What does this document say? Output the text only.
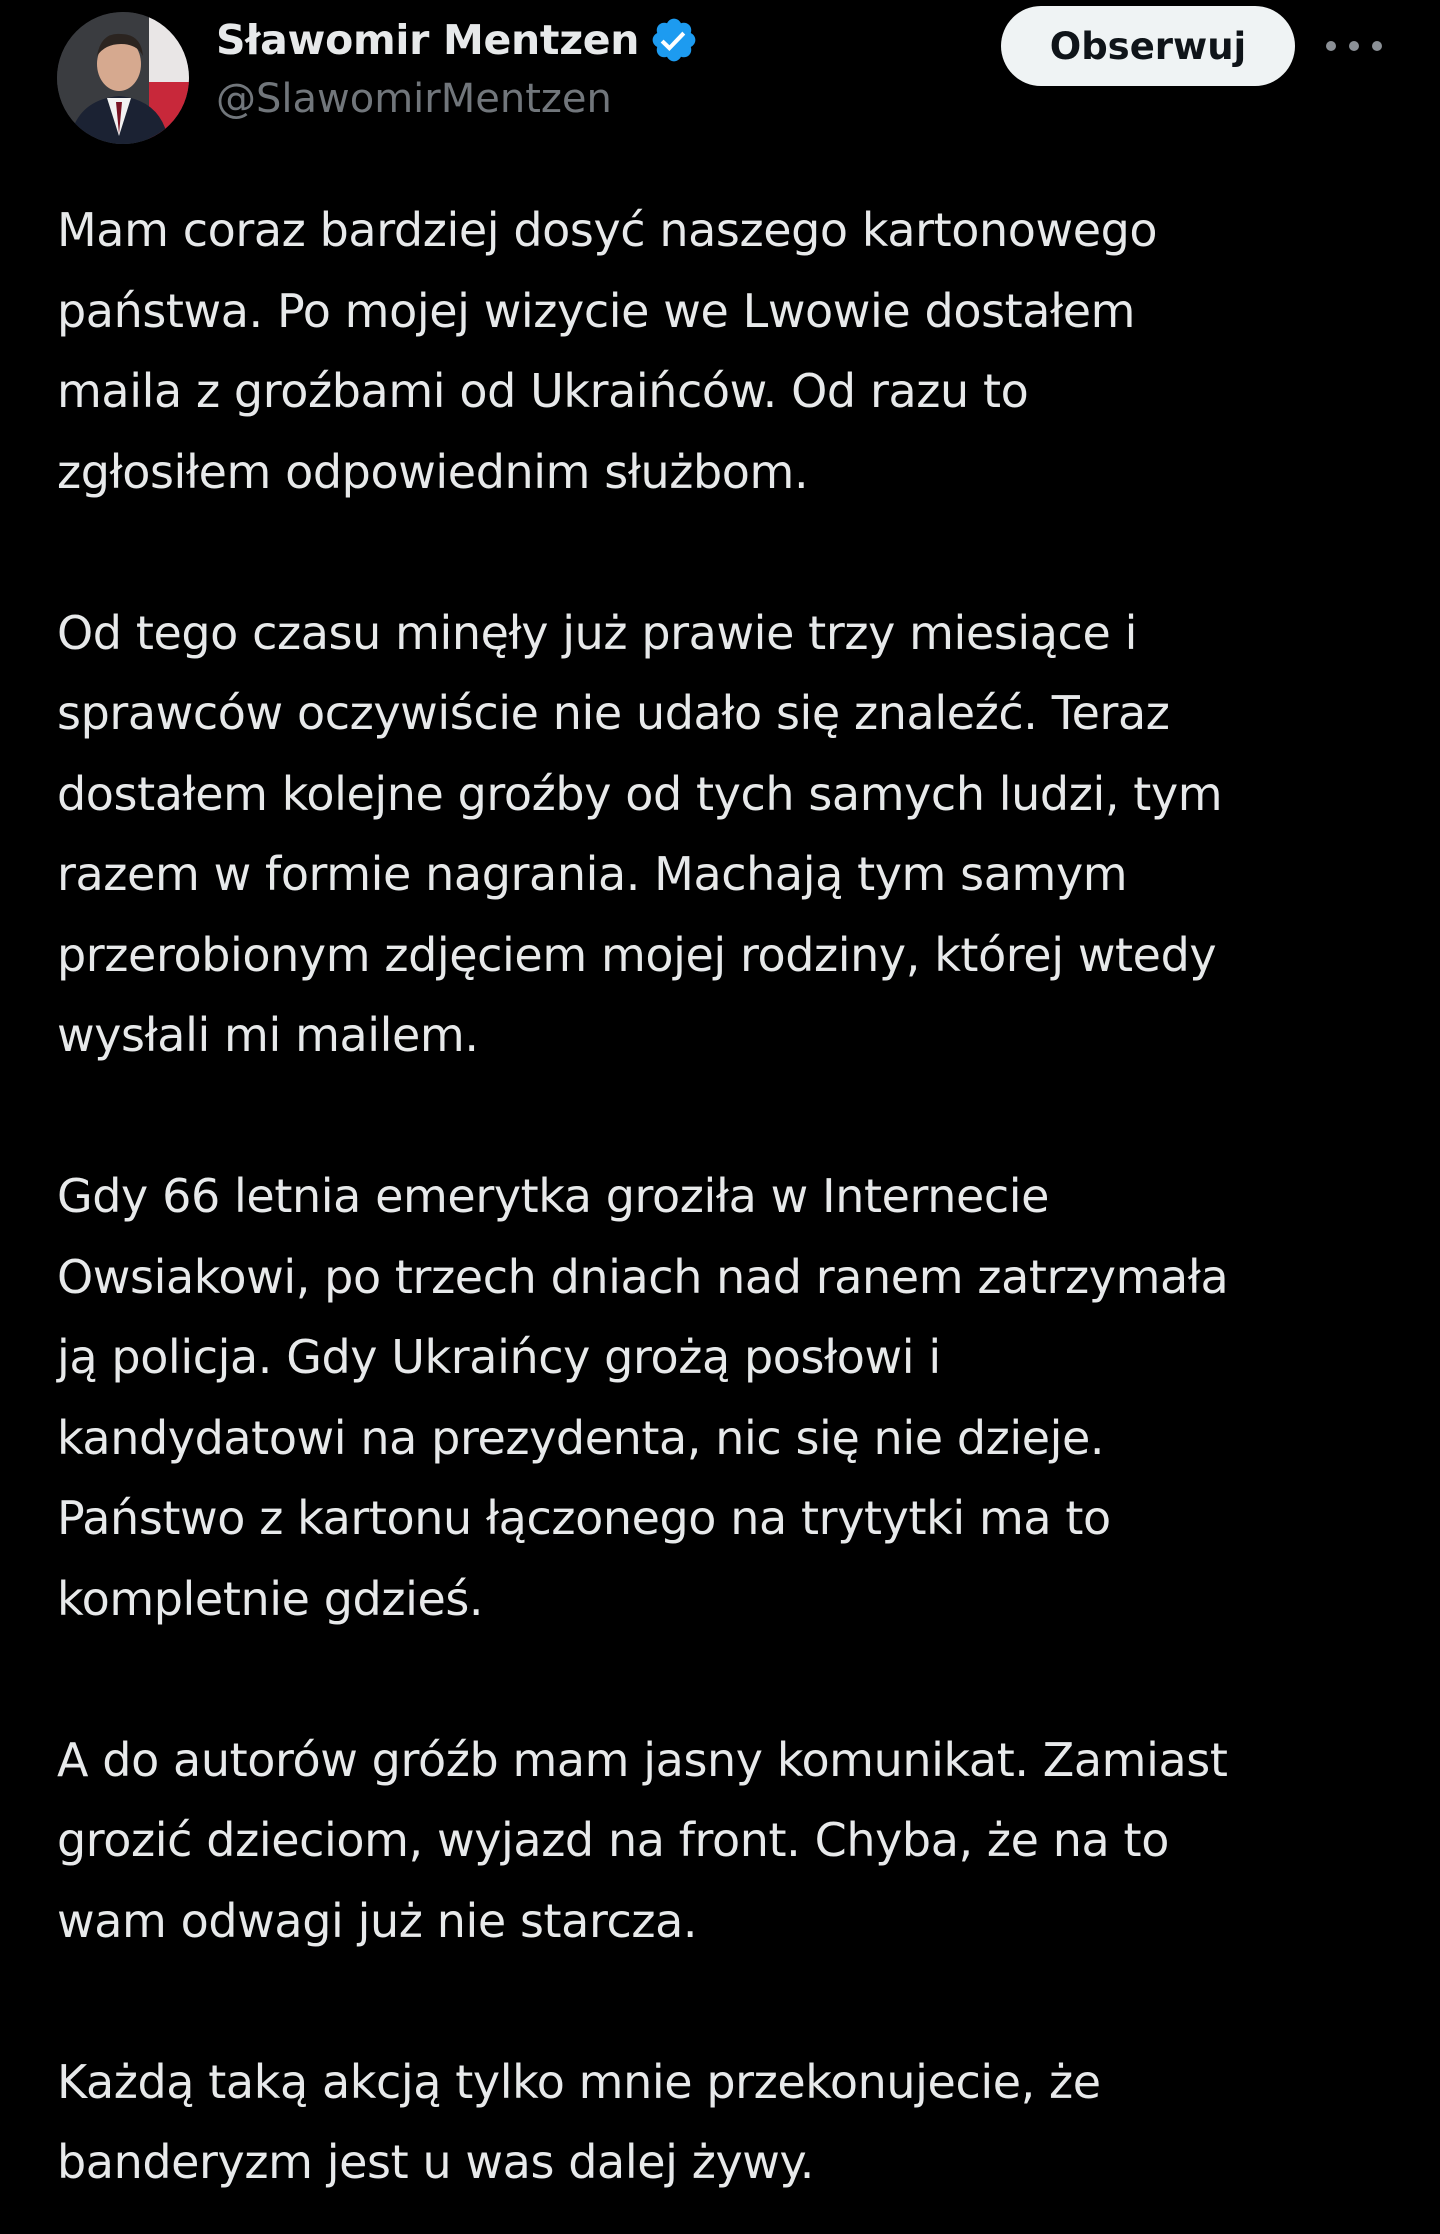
Sławomir Mentzen
@SlawomirMentzen
Obserwuj

Mam coraz bardziej dosyć naszego kartonowego
państwa. Po mojej wizycie we Lwowie dostałem
maila z groźbami od Ukraińców. Od razu to
zgłosiłem odpowiednim służbom.

Od tego czasu minęły już prawie trzy miesiące i
sprawców oczywiście nie udało się znaleźć. Teraz
dostałem kolejne groźby od tych samych ludzi, tym
razem w formie nagrania. Machają tym samym
przerobionym zdjęciem mojej rodziny, której wtedy
wysłali mi mailem.

Gdy 66 letnia emerytka groziła w Internecie
Owsiakowi, po trzech dniach nad ranem zatrzymała
ją policja. Gdy Ukraińcy grożą posłowi i
kandydatowi na prezydenta, nic się nie dzieje.
Państwo z kartonu łączonego na trytytki ma to
kompletnie gdzieś.

A do autorów gróźb mam jasny komunikat. Zamiast
grozić dzieciom, wyjazd na front. Chyba, że na to
wam odwagi już nie starcza.

Każdą taką akcją tylko mnie przekonujecie, że
banderyzm jest u was dalej żywy.
